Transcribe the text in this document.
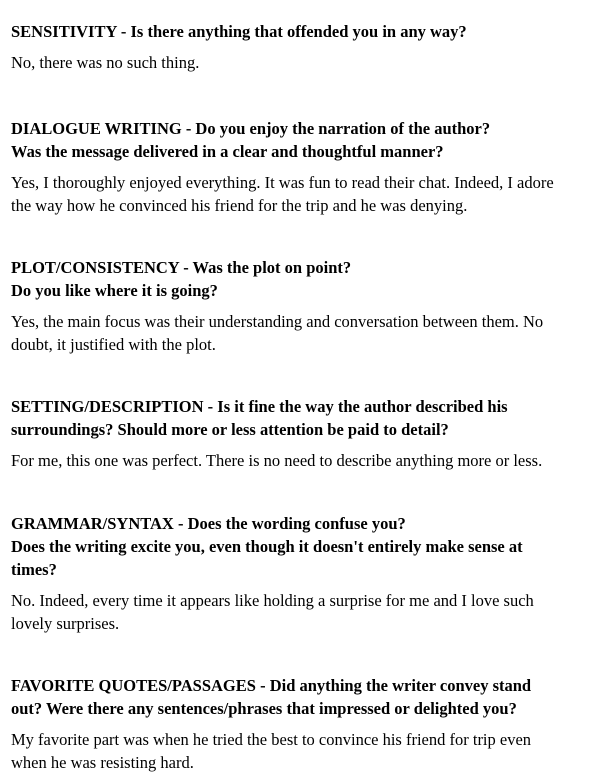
SENSITIVITY - Is there anything that offended you in any way?

No, there was no such thing.

DIALOGUE WRITING - Do you enjoy the narration of the author?
Was the message delivered in a clear and thoughtful manner?

Yes, I thoroughly enjoyed everything. It was fun to read their chat. Indeed, I adore
the way how he convinced his friend for the trip and he was denying.

PLOT/CONSISTENCY - Was the plot on point?
Do you like where it is going?

Yes, the main focus was their understanding and conversation between them. No
doubt, it justified with the plot.

SETTING/DESCRIPTION - Is it fine the way the author described his
surroundings? Should more or less attention be paid to detail?

For me, this one was perfect. There is no need to describe anything more or less.

GRAMMAR/SYNTAX - Does the wording confuse you?
Does the writing excite you, even though it doesn't entirely make sense at
times?

No. Indeed, every time it appears like holding a surprise for me and I love such
lovely surprises.

FAVORITE QUOTES/PASSAGES - Did anything the writer convey stand
out? Were there any sentences/phrases that impressed or delighted you?

My favorite part was when he tried the best to convince his friend for trip even
when he was resisting hard.
